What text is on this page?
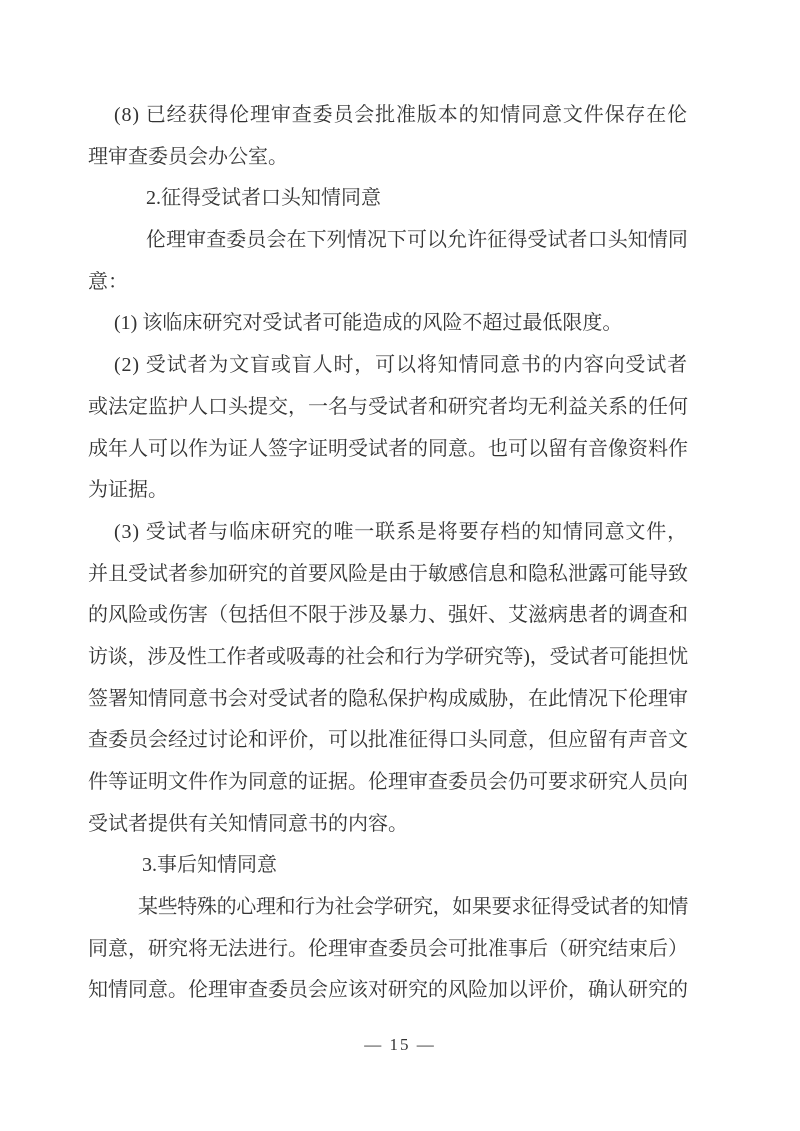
(8) 已经获得伦理审查委员会批准版本的知情同意文件保存在伦
理审查委员会办公室。
2.征得受试者口头知情同意
伦理审查委员会在下列情况下可以允许征得受试者口头知情同
意：
(1) 该临床研究对受试者可能造成的风险不超过最低限度。
(2) 受试者为文盲或盲人时，可以将知情同意书的内容向受试者
或法定监护人口头提交，一名与受试者和研究者均无利益关系的任何
成年人可以作为证人签字证明受试者的同意。也可以留有音像资料作
为证据。
(3) 受试者与临床研究的唯一联系是将要存档的知情同意文件，
并且受试者参加研究的首要风险是由于敏感信息和隐私泄露可能导致
的风险或伤害（包括但不限于涉及暴力、强奸、艾滋病患者的调查和
访谈，涉及性工作者或吸毒的社会和行为学研究等)，受试者可能担忧
签署知情同意书会对受试者的隐私保护构成威胁，在此情况下伦理审
查委员会经过讨论和评价，可以批准征得口头同意，但应留有声音文
件等证明文件作为同意的证据。伦理审查委员会仍可要求研究人员向
受试者提供有关知情同意书的内容。
3.事后知情同意
某些特殊的心理和行为社会学研究，如果要求征得受试者的知情
同意，研究将无法进行。伦理审查委员会可批准事后（研究结束后）
知情同意。伦理审查委员会应该对研究的风险加以评价，确认研究的
— 15 —
